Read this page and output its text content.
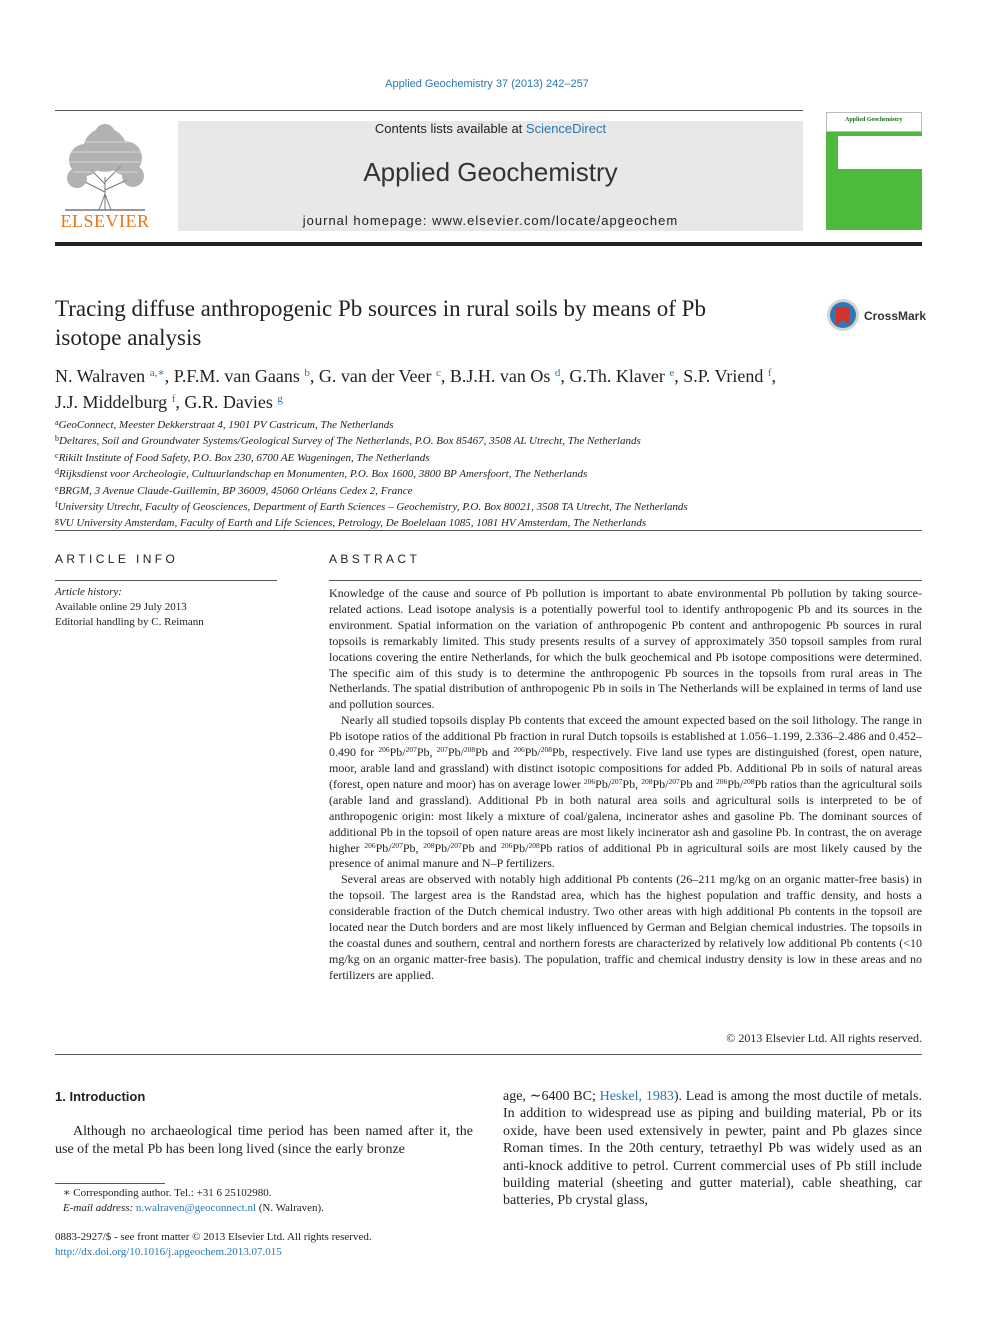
Applied Geochemistry 37 (2013) 242–257
ELSEVIER
Contents lists available at ScienceDirect
Applied Geochemistry
journal homepage: www.elsevier.com/locate/apgeochem
Applied Geochemistry
Tracing diffuse anthropogenic Pb sources in rural soils by means of Pb isotope analysis
CrossMark
N. Walraven $^{a,∗}$, P.F.M. van Gaans $^b$, G. van der Veer $^c$, B.J.H. van Os $^d$, G.Th. Klaver $^e$, S.P. Vriend $^f$,
J.J. Middelburg $^f$, G.R. Davies $^g$
$^a$GeoConnect, Meester Dekkerstraat 4, 1901 PV Castricum, The Netherlands
$^b$Deltares, Soil and Groundwater Systems/Geological Survey of The Netherlands, P.O. Box 85467, 3508 AL Utrecht, The Netherlands
$^c$Rikilt Institute of Food Safety, P.O. Box 230, 6700 AE Wageningen, The Netherlands
$^d$Rijksdienst voor Archeologie, Cultuurlandschap en Monumenten, P.O. Box 1600, 3800 BP Amersfoort, The Netherlands
$^e$BRGM, 3 Avenue Claude-Guillemin, BP 36009, 45060 Orléans Cedex 2, France
$^f$University Utrecht, Faculty of Geosciences, Department of Earth Sciences – Geochemistry, P.O. Box 80021, 3508 TA Utrecht, The Netherlands
$^g$VU University Amsterdam, Faculty of Earth and Life Sciences, Petrology, De Boelelaan 1085, 1081 HV Amsterdam, The Netherlands
ARTICLE INFO
Article history:
Available online 29 July 2013
Editorial handling by C. Reimann
ABSTRACT

Knowledge of the cause and source of Pb pollution is important to abate environmental Pb pollution by taking source-related actions. Lead isotope analysis is a potentially powerful tool to identify anthropogenic Pb and its sources in the environment. Spatial information on the variation of anthropogenic Pb content and anthropogenic Pb sources in rural topsoils is remarkably limited. This study presents results of a survey of approximately 350 topsoil samples from rural locations covering the entire Netherlands, for which the bulk geochemical and Pb isotope compositions were determined. The specific aim of this study is to determine the anthropogenic Pb sources in the topsoils from rural areas in The Netherlands. The spatial distribution of anthropogenic Pb in soils in The Netherlands will be explained in terms of land use and pollution sources.

Nearly all studied topsoils display Pb contents that exceed the amount expected based on the soil lithology. The range in Pb isotope ratios of the additional Pb fraction in rural Dutch topsoils is established at 1.056–1.199, 2.336–2.486 and 0.452–0.490 for $^{206}$Pb/$^{207}$Pb, $^{207}$Pb/$^{208}$Pb and $^{206}$Pb/$^{208}$Pb, respectively. Five land use types are distinguished (forest, open nature, moor, arable land and grassland) with distinct isotopic compositions for added Pb. Additional Pb in soils of natural areas (forest, open nature and moor) has on average lower $^{206}$Pb/$^{207}$Pb, $^{208}$Pb/$^{207}$Pb and $^{206}$Pb/$^{208}$Pb ratios than the agricultural soils (arable land and grassland). Additional Pb in both natural area soils and agricultural soils is interpreted to be of anthropogenic origin: most likely a mixture of coal/galena, incinerator ashes and gasoline Pb. The dominant sources of additional Pb in the topsoil of open nature areas are most likely incinerator ash and gasoline Pb. In contrast, the on average higher $^{206}$Pb/$^{207}$Pb, $^{208}$Pb/$^{207}$Pb and $^{206}$Pb/$^{208}$Pb ratios of additional Pb in agricultural soils are most likely caused by the presence of animal manure and N–P fertilizers.

Several areas are observed with notably high additional Pb contents (26–211 mg/kg on an organic matter-free basis) in the topsoil. The largest area is the Randstad area, which has the highest population and traffic density, and hosts a considerable fraction of the Dutch chemical industry. Two other areas with high additional Pb contents in the topsoil are located near the Dutch borders and are most likely influenced by German and Belgian chemical industries. The topsoils in the coastal dunes and southern, central and northern forests are characterized by relatively low additional Pb contents (<10 mg/kg on an organic matter-free basis). The population, traffic and chemical industry density is low in these areas and no fertilizers are applied.

© 2013 Elsevier Ltd. All rights reserved.
1. Introduction
Although no archaeological time period has been named after it, the use of the metal Pb has been long lived (since the early bronze
age, ∼6400 BC; Heskel, 1983). Lead is among the most ductile of metals. In addition to widespread use as piping and building material, Pb or its oxide, have been used extensively in pewter, paint and Pb glazes since Roman times. In the 20th century, tetraethyl Pb was widely used as an anti-knock additive to petrol. Current commercial uses of Pb still include building material (sheeting and gutter material), cable sheathing, car batteries, Pb crystal glass,
∗ Corresponding author. Tel.: +31 6 25102980.
E-mail address: n.walraven@geoconnect.nl (N. Walraven).
0883-2927/$ - see front matter © 2013 Elsevier Ltd. All rights reserved.
http://dx.doi.org/10.1016/j.apgeochem.2013.07.015
